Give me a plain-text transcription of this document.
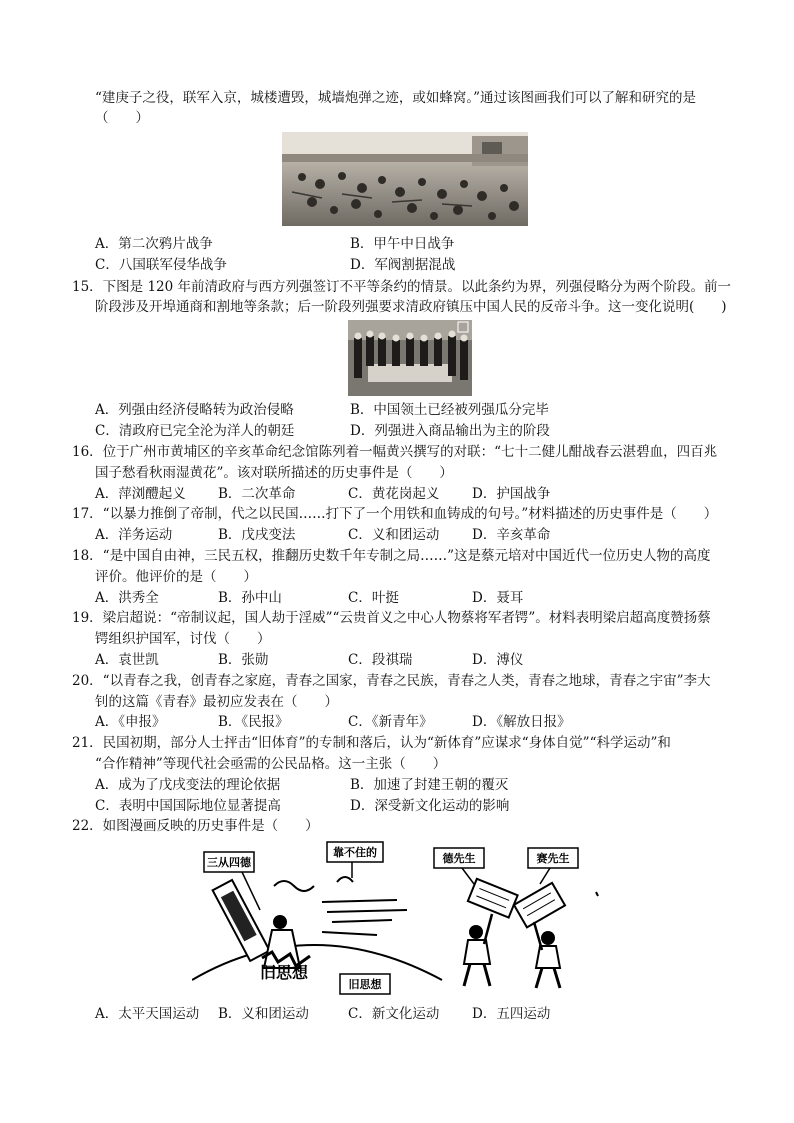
“建庚子之役，联军入京，城楼遭毁，城墙炮弹之迹，或如蜂窝。”通过该图画我们可以了解和研究的是
（　　）
A．第二次鸦片战争	B．甲午中日战争
C．八国联军侵华战争	D．军阀割据混战
15．下图是 120 年前清政府与西方列强签订不平等条约的情景。以此条约为界，列强侵略分为两个阶段。前一
阶段涉及开埠通商和割地等条款；后一阶段列强要求清政府镇压中国人民的反帝斗争。这一变化说明(　　)
A．列强由经济侵略转为政治侵略	B．中国领土已经被列强瓜分完毕
C．清政府已完全沦为洋人的朝廷	D．列强进入商品输出为主的阶段
16．位于广州市黄埔区的辛亥革命纪念馆陈列着一幅黄兴撰写的对联：“七十二健儿酣战春云湛碧血，四百兆
国子愁看秋雨湿黄花”。该对联所描述的历史事件是（　　）
A．萍浏醴起义 B．二次革命	C．黄花岗起义 D．护国战争
17．“以暴力推倒了帝制，代之以民国……打下了一个用铁和血铸成的句号。”材料描述的历史事件是（　　）
A．洋务运动	B．戊戌变法	C．义和团运动 D．辛亥革命
18．“是中国自由神，三民五权，推翻历史数千年专制之局……”这是蔡元培对中国近代一位历史人物的高度
评价。他评价的是（　　）
A．洪秀全	B．孙中山	C．叶挺	D．聂耳
19．梁启超说：“帝制议起，国人劫于淫威”“云贵首义之中心人物蔡将军者锷”。材料表明梁启超高度赞扬蔡
锷组织护国军，讨伐（　　）
A．袁世凯	B．张勋	C．段祺瑞	D．溥仪
20．“以青春之我，创青春之家庭，青春之国家，青春之民族，青春之人类，青春之地球，青春之宇宙”李大
钊的这篇《青春》最初应发表在（　　）
A．《申报》	B．《民报》	C．《新青年》	D．《解放日报》
21．民国初期，部分人士抨击“旧体育”的专制和落后，认为“新体育”应谋求“身体自觉”“科学运动”和
“合作精神”等现代社会亟需的公民品格。这一主张（　　）
A．成为了戊戌变法的理论依据	B．加速了封建王朝的覆灭
C．表明中国国际地位显著提高	D．深受新文化运动的影响
22．如图漫画反映的历史事件是（　　）
三从四德
靠不住的
旧思想
旧思想
德先生	赛先生
A．太平天国运动 B．义和团运动	C．新文化运动 D．五四运动
